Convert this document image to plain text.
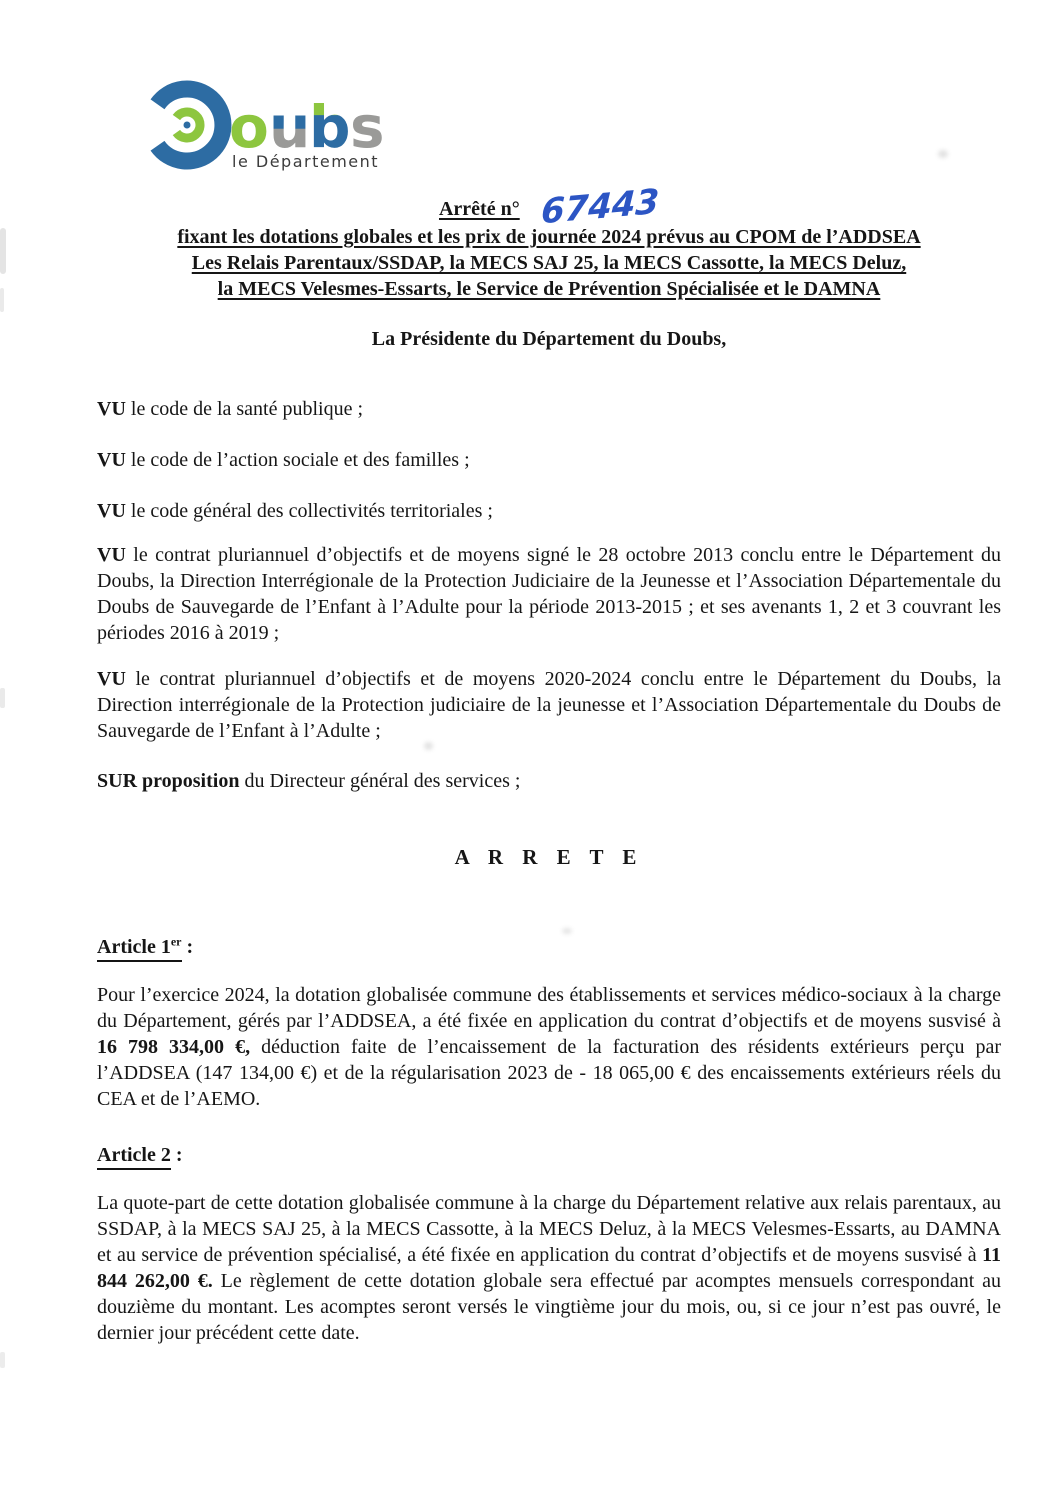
o u
b s
le Département
Arrêté n° 67443
fixant les dotations globales et les prix de journée 2024 prévus au CPOM de l’ADDSEA
Les Relais Parentaux/SSDAP, la MECS SAJ 25, la MECS Cassotte, la MECS Deluz,
la MECS Velesmes-Essarts, le Service de Prévention Spécialisée et le DAMNA
La Présidente du Département du Doubs,

VU le code de la santé publique ;

VU le code de l’action sociale et des familles ;

VU le code général des collectivités territoriales ;

VU le contrat pluriannuel d’objectifs et de moyens signé le 28 octobre 2013 conclu entre le Département du Doubs, la Direction Interrégionale de la Protection Judiciaire de la Jeunesse et l’Association Départementale du Doubs de Sauvegarde de l’Enfant à l’Adulte pour la période 2013-2015 ; et ses avenants 1, 2 et 3 couvrant les périodes 2016 à 2019 ;

VU le contrat pluriannuel d’objectifs et de moyens 2020-2024 conclu entre le Département du Doubs, la Direction interrégionale de la Protection judiciaire de la jeunesse et l’Association Départementale du Doubs de Sauvegarde de l’Enfant à l’Adulte ;

SUR proposition du Directeur général des services ;

A R R E T E
Article 1er :

Pour l’exercice 2024, la dotation globalisée commune des établissements et services médico-sociaux à la charge du Département, gérés par l’ADDSEA, a été fixée en application du contrat d’objectifs et de moyens susvisé à 16 798 334,00 €, déduction faite de l’encaissement de la facturation des résidents extérieurs perçu par l’ADDSEA (147 134,00 €) et de la régularisation 2023 de - 18 065,00 € des encaissements extérieurs réels du CEA et de l’AEMO.

Article 2 :

La quote-part de cette dotation globalisée commune à la charge du Département relative aux relais parentaux, au SSDAP, à la MECS SAJ 25, à la MECS Cassotte, à la MECS Deluz, à la MECS Velesmes-Essarts, au DAMNA et au service de prévention spécialisé, a été fixée en application du contrat d’objectifs et de moyens susvisé à 11 844 262,00 €. Le règlement de cette dotation globale sera effectué par acomptes mensuels correspondant au douzième du montant. Les acomptes seront versés le vingtième jour du mois, ou, si ce jour n’est pas ouvré, le dernier jour précédent cette date.
